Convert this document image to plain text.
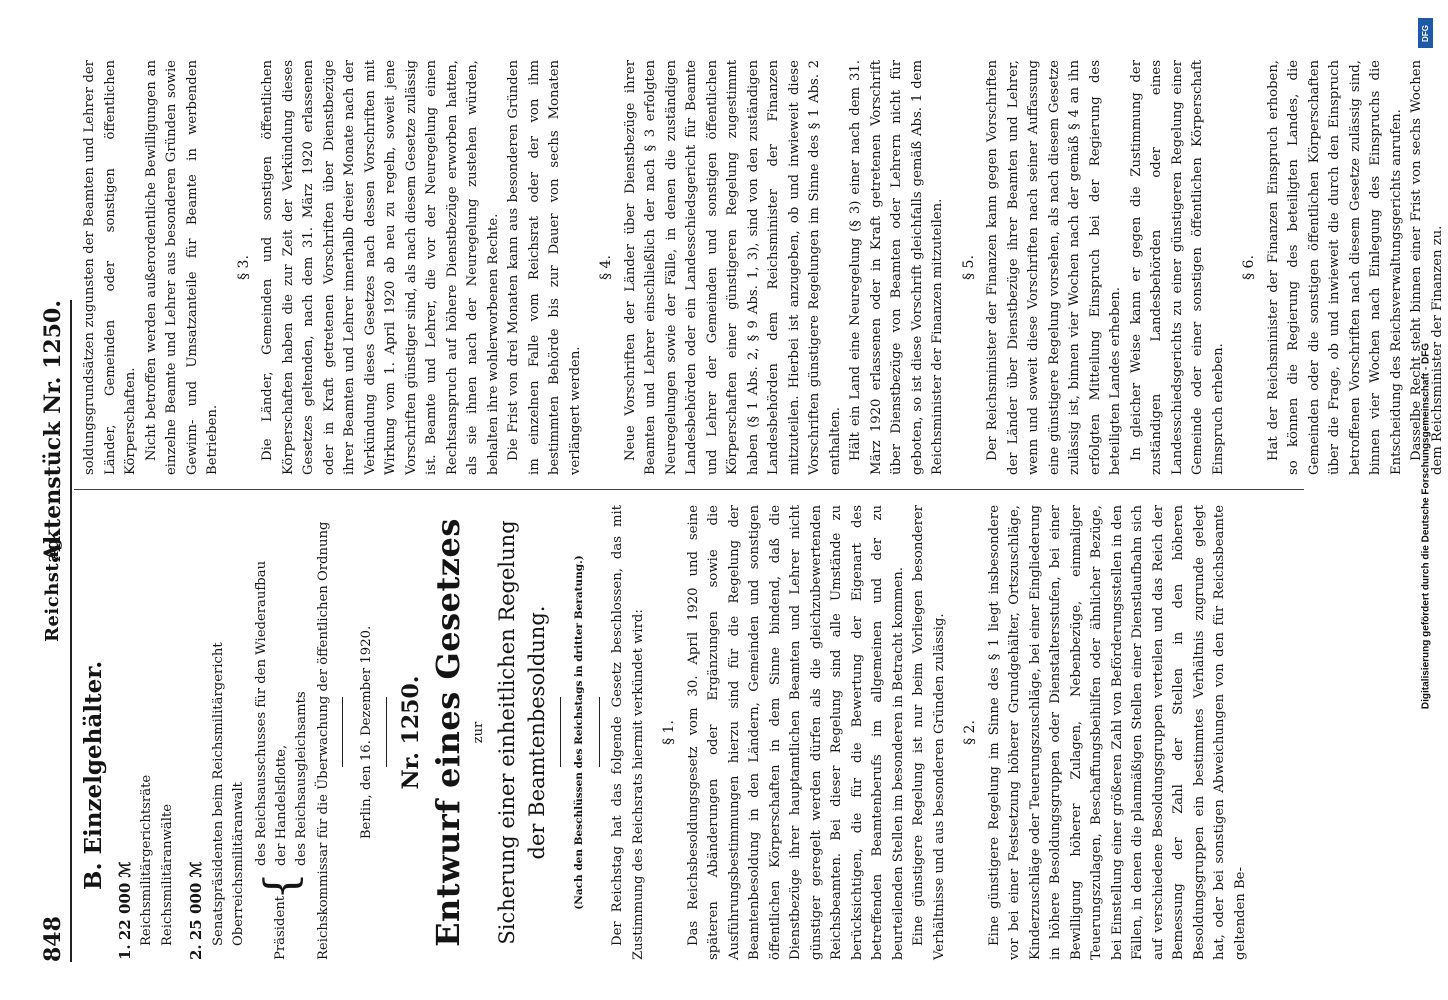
848
Reichstag.
Aktenstück Nr. 1250.
B. Einzelgehälter.
1. 22 000 ℳ Reichsmilitärgerichtsräte Reichsmilitäranwälte
2. 25 000 ℳ Senatspräsidenten beim Reichsmilitärgericht Oberreichsmilitäranwalt Präsident
{
des Reichsausschusses für den Wiederaufbau der Handelsflotte, des Reichsausgleichsamts Reichskommissar für die Überwachung der öffentlichen Ordnung Berlin, den 16. Dezember 1920. Nr. 1250. Entwurf eines Gesetzes zur Sicherung einer einheitlichen Regelung der Beamtenbesoldung.	(Nach den Beschlüssen des Reichstags in dritter Beratung.)	Der Reichstag hat das folgende Gesetz beschlossen, das mit Zustimmung des Reichsrats hiermit verkündet wird: § 1. Das Reichsbesoldungsgesetz vom 30. April 1920 und seine späteren Abänderungen oder Ergänzungen sowie die Ausführungsbestimmungen hierzu sind für die Regelung der Beamtenbesoldung in den Ländern, Gemeinden und sonstigen öffentlichen Körperschaften in dem Sinne bindend, daß die Dienstbezüge ihrer hauptamtlichen Beamten und Lehrer nicht günstiger geregelt werden dürfen als die gleichzubewertenden Reichsbeamten. Bei dieser Regelung sind alle Umstände zu berücksichtigen, die für die Bewertung der Eigenart des betreffenden Beamtenberufs im allgemeinen und der zu beurteilenden Stellen im besonderen in Betracht kommen. Eine günstigere Regelung ist nur beim Vorliegen besonderer Verhältnisse und aus besonderen Gründen zulässig. § 2. Eine günstigere Regelung im Sinne des § 1 liegt insbesondere vor bei einer Festsetzung höherer Grundgehälter, Ortszuschläge, Kinderzuschläge oder Teuerungszuschläge, bei einer Eingliederung in höhere Besoldungsgruppen oder Dienstaltersstufen, bei einer Bewilligung höherer Zulagen, Nebenbezüge, einmaliger Teuerungszulagen, Beschaffungsbeihilfen oder ähnlicher Bezüge, bei Einstellung einer größeren Zahl von Beförderungsstellen in den Fällen, in denen die planmäßigen Stellen einer Dienstlaufbahn sich auf verschiedene Besoldungsgruppen verteilen und das Reich der Bemessung der Zahl der Stellen in den höheren Besoldungsgruppen ein bestimmtes Verhältnis zugrunde gelegt hat, oder bei sonstigen Abweichungen von den für Reichsbeamte geltenden Be-

soldungsgrundsätzen zugunsten der Beamten und Lehrer der Länder, Gemeinden oder sonstigen öffentlichen Körperschaften. Nicht betroffen werden außerordentliche Bewilligungen an einzelne Beamte und Lehrer aus besonderen Gründen sowie Gewinn- und Umsatzanteile für Beamte in werbenden Betrieben.

§ 3. Die Länder, Gemeinden und sonstigen öffentlichen Körperschaften haben die zur Zeit der Verkündung dieses Gesetzes geltenden, nach dem 31. März 1920 erlassenen oder in Kraft getretenen Vorschriften über Dienstbezüge ihrer Beamten und Lehrer innerhalb dreier Monate nach der Verkündung dieses Gesetzes nach dessen Vorschriften mit Wirkung vom 1. April 1920 ab neu zu regeln, soweit jene Vorschriften günstiger sind, als nach diesem Gesetze zulässig ist. Beamte und Lehrer, die vor der Neuregelung einen Rechtsanspruch auf höhere Dienstbezüge erworben hatten, als sie ihnen nach der Neuregelung zustehen würden, behalten ihre wohlerworbenen Rechte. Die Frist von drei Monaten kann aus besonderen Gründen im einzelnen Falle vom Reichsrat oder der von ihm bestimmten Behörde bis zur Dauer von sechs Monaten verlängert werden.

§ 4. Neue Vorschriften der Länder über Dienstbezüge ihrer Beamten und Lehrer einschließlich der nach § 3 erfolgten Neuregelungen sowie der Fälle, in denen die zuständigen Landesbehörden oder ein Landesschiedsgericht für Beamte und Lehrer der Gemeinden und sonstigen öffentlichen Körperschaften einer günstigeren Regelung zugestimmt haben (§ 1 Abs. 2, § 9 Abs. 1, 3), sind von den zuständigen Landesbehörden dem Reichsminister der Finanzen mitzuteilen. Hierbei ist anzugeben, ob und inwieweit diese Vorschriften günstigere Regelungen im Sinne des § 1 Abs. 2 enthalten. Hält ein Land eine Neuregelung (§ 3) einer nach dem 31. März 1920 erlassenen oder in Kraft getretenen Vorschrift über Dienstbezüge von Beamten oder Lehrern nicht für geboten, so ist diese Vorschrift gleichfalls gemäß Abs. 1 dem Reichsminister der Finanzen mitzuteilen. § 5. Der Reichsminister der Finanzen kann gegen Vorschriften der Länder über Dienstbezüge ihrer Beamten und Lehrer, wenn und soweit diese Vorschriften nach seiner Auffassung eine günstigere Regelung vorsehen, als nach diesem Gesetze zulässig ist, binnen vier Wochen nach der gemäß § 4 an ihn erfolgten Mitteilung Einspruch bei der Regierung des beteiligten Landes erheben. In gleicher Weise kann er gegen die Zustimmung der zuständigen Landesbehörden oder eines Landesschiedsgerichts zu einer günstigeren Regelung einer Gemeinde oder einer sonstigen öffentlichen Körperschaft Einspruch erheben.

§ 6. Hat der Reichsminister der Finanzen Einspruch erhoben, so können die Regierung des beteiligten Landes, die Gemeinden oder die sonstigen öffentlichen Körperschaften über die Frage, ob und inwieweit die durch den Einspruch betroffenen Vorschriften nach diesem Gesetze zulässig sind, binnen vier Wochen nach Einlegung des Einspruchs die Entscheidung des Reichsverwaltungsgerichts anrufen. Dasselbe Recht steht binnen einer Frist von sechs Wochen dem Reichsminister der Finanzen zu.

DFG
Digitalisierung gefördert durch die Deutsche Forschungsgemeinschaft - DFG
